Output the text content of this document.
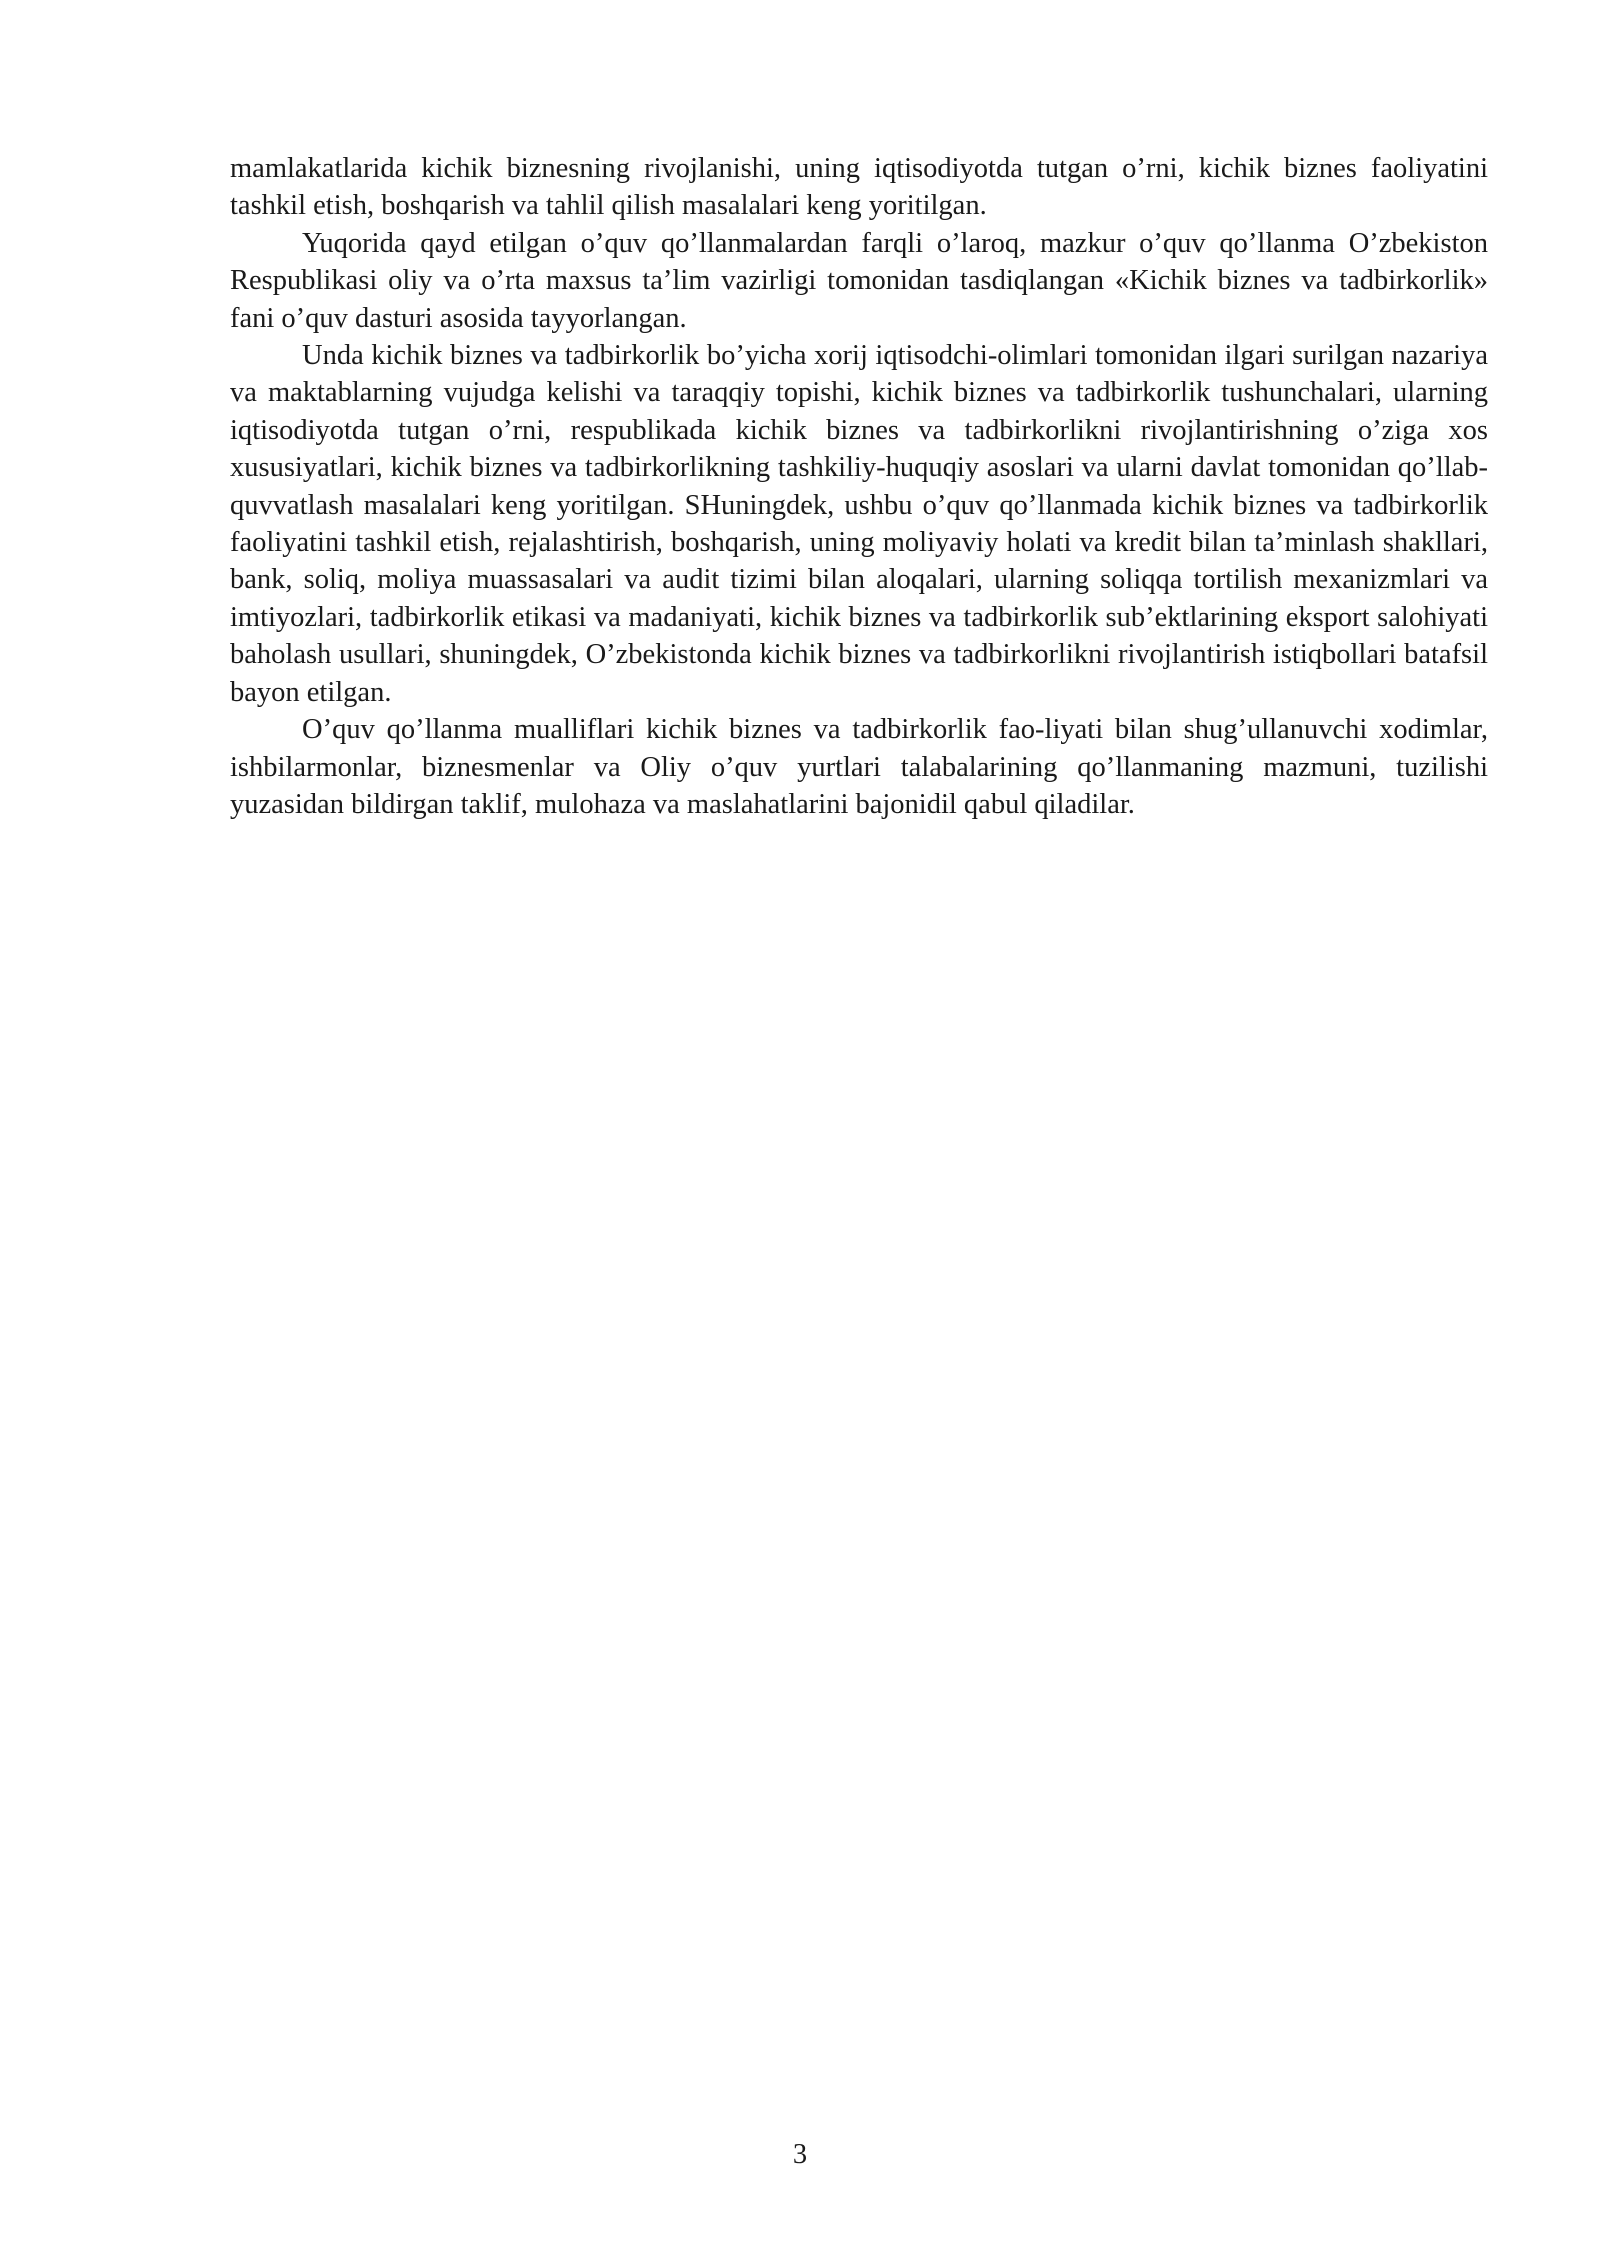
mamlakatlarida kichik biznesning rivojlanishi, uning iqtisodiyotda tutgan o’rni, kichik biznes faoliyatini tashkil etish, boshqarish va tahlil qilish masalalari keng yoritilgan.

Yuqorida qayd etilgan o’quv qo’llanmalardan farqli o’laroq, mazkur o’quv qo’llanma O’zbekiston Respublikasi oliy va o’rta maxsus ta’lim vazirligi tomonidan tasdiqlangan «Kichik biznes va tadbirkorlik» fani o’quv dasturi asosida tayyorlangan.

Unda kichik biznes va tadbirkorlik bo’yicha xorij iqtisodchi-olimlari tomonidan ilgari surilgan nazariya va maktablarning vujudga kelishi va taraqqiy topishi, kichik biznes va tadbirkorlik tushunchalari, ularning iqtisodiyotda tutgan o’rni, respublikada kichik biznes va tadbirkorlikni rivojlantirishning o’ziga xos xususiyatlari, kichik biznes va tadbirkorlikning tashkiliy-huquqiy asoslari va ularni davlat tomonidan qo’llab-quvvatlash masalalari keng yoritilgan. SHuningdek, ushbu o’quv qo’llanmada kichik biznes va tadbirkorlik faoliyatini tashkil etish, rejalashtirish, boshqarish, uning moliyaviy holati va kredit bilan ta’minlash shakllari, bank, soliq, moliya muassasalari va audit tizimi bilan aloqalari, ularning soliqqa tortilish mexanizmlari va imtiyozlari, tadbirkorlik etikasi va madaniyati, kichik biznes va tadbirkorlik sub’ektlarining eksport salohiyati baholash usullari, shuningdek, O’zbekistonda kichik biznes va tadbirkorlikni rivojlantirish istiqbollari batafsil bayon etilgan.

O’quv qo’llanma mualliflari kichik biznes va tadbirkorlik fao-liyati bilan shug’ullanuvchi xodimlar, ishbilarmonlar, biznesmenlar va Oliy o’quv yurtlari talabalarining qo’llanmaning mazmuni, tuzilishi yuzasidan bildirgan taklif, mulohaza va maslahatlarini bajonidil qabul qiladilar.

3
